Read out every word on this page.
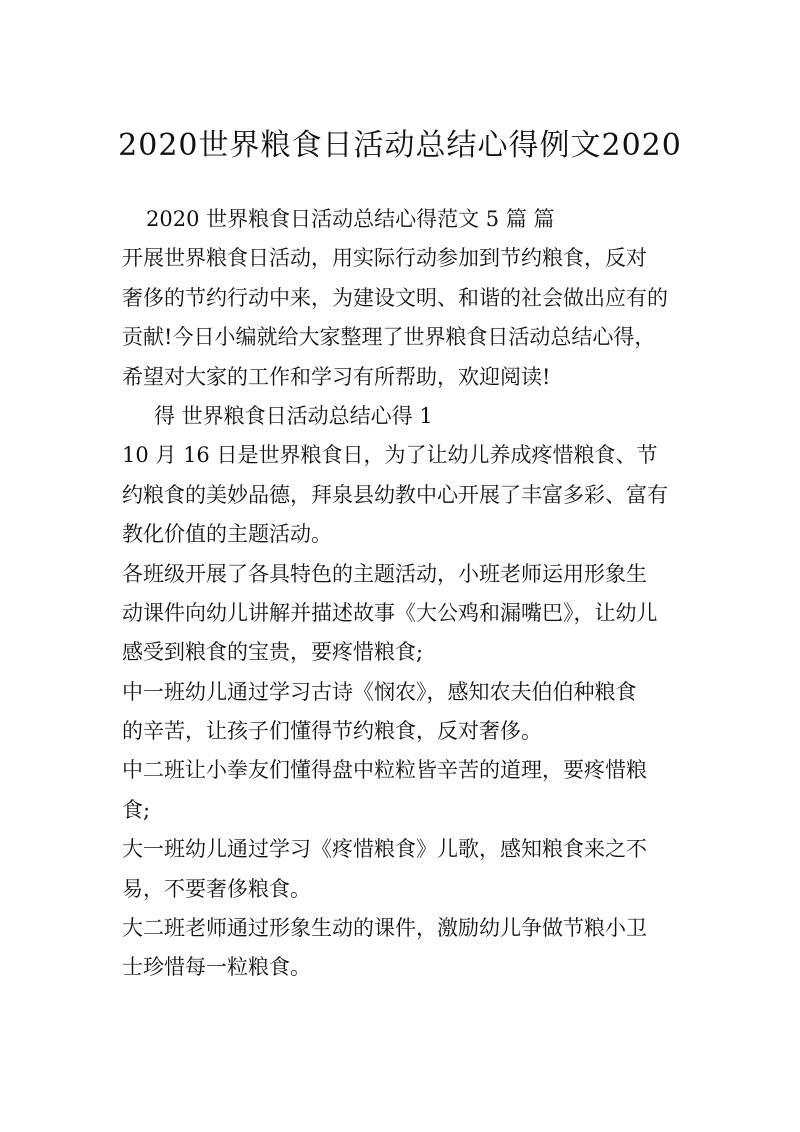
2020世界粮食日活动总结心得例文2020
2020 世界粮食日活动总结心得范文 5 篇 篇
开展世界粮食日活动，用实际行动参加到节约粮食，反对
奢侈的节约行动中来，为建设文明、和谐的社会做出应有的
贡献!今日小编就给大家整理了世界粮食日活动总结心得，
希望对大家的工作和学习有所帮助，欢迎阅读!
得 世界粮食日活动总结心得 1
10 月 16 日是世界粮食日，为了让幼儿养成疼惜粮食、节
约粮食的美妙品德，拜泉县幼教中心开展了丰富多彩、富有
教化价值的主题活动。
各班级开展了各具特色的主题活动，小班老师运用形象生
动课件向幼儿讲解并描述故事《大公鸡和漏嘴巴》，让幼儿
感受到粮食的宝贵，要疼惜粮食;
中一班幼儿通过学习古诗《悯农》，感知农夫伯伯种粮食
的辛苦，让孩子们懂得节约粮食，反对奢侈。
中二班让小拳友们懂得盘中粒粒皆辛苦的道理，要疼惜粮
食;
大一班幼儿通过学习《疼惜粮食》儿歌，感知粮食来之不
易，不要奢侈粮食。
大二班老师通过形象生动的课件，激励幼儿争做节粮小卫
士珍惜每一粒粮食。
